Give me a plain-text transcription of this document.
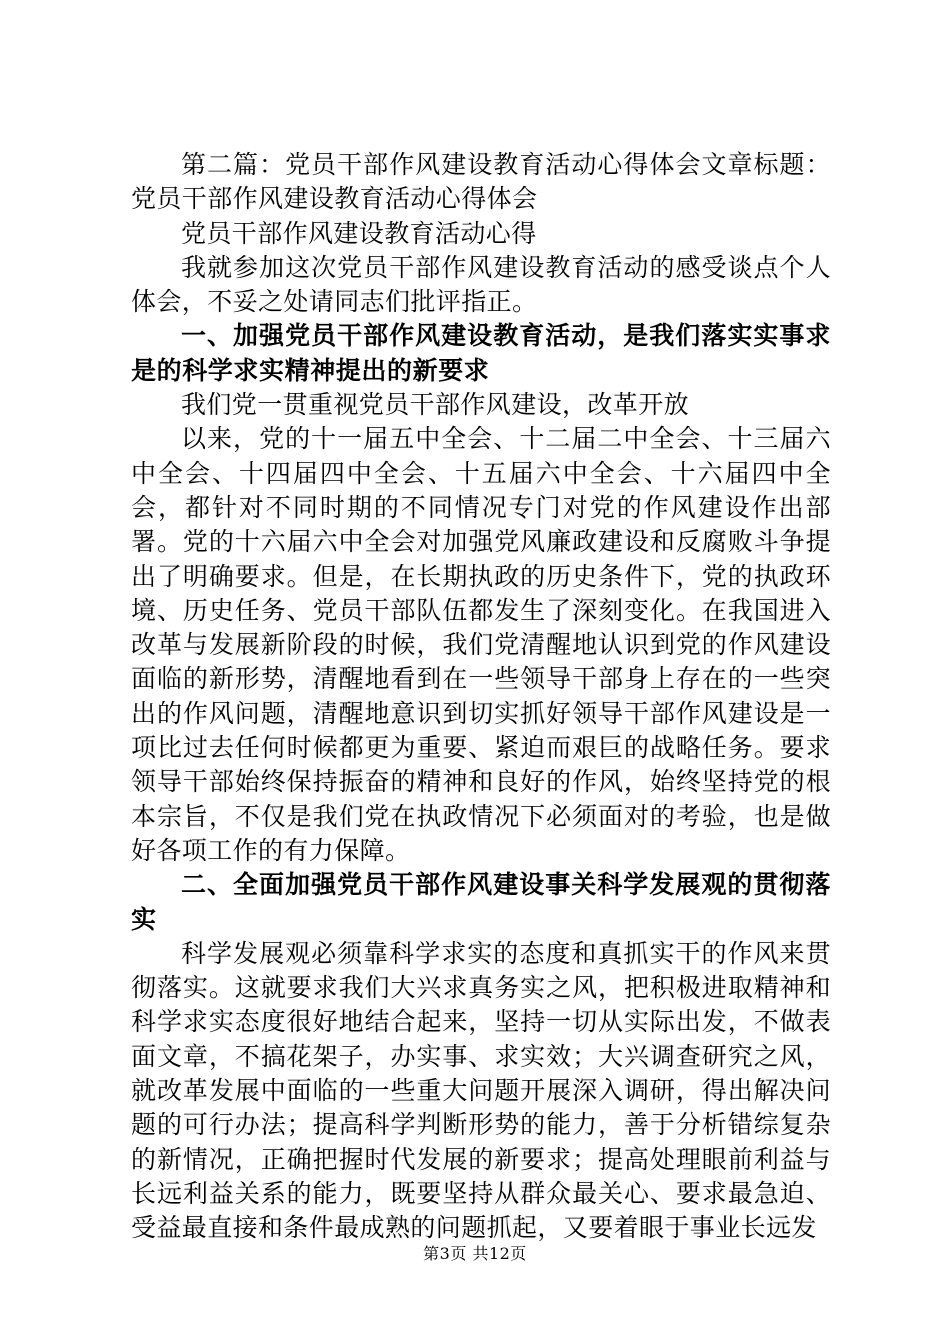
第二篇：党员干部作风建设教育活动心得体会文章标题：党员干部作风建设教育活动心得体会

党员干部作风建设教育活动心得

我就参加这次党员干部作风建设教育活动的感受谈点个人体会，不妥之处请同志们批评指正。

一、加强党员干部作风建设教育活动，是我们落实实事求是的科学求实精神提出的新要求

我们党一贯重视党员干部作风建设，改革开放

以来，党的十一届五中全会、十二届二中全会、十三届六中全会、十四届四中全会、十五届六中全会、十六届四中全会，都针对不同时期的不同情况专门对党的作风建设作出部署。党的十六届六中全会对加强党风廉政建设和反腐败斗争提出了明确要求。但是，在长期执政的历史条件下，党的执政环境、历史任务、党员干部队伍都发生了深刻变化。在我国进入改革与发展新阶段的时候，我们党清醒地认识到党的作风建设面临的新形势，清醒地看到在一些领导干部身上存在的一些突出的作风问题，清醒地意识到切实抓好领导干部作风建设是一项比过去任何时候都更为重要、紧迫而艰巨的战略任务。要求领导干部始终保持振奋的精神和良好的作风，始终坚持党的根本宗旨，不仅是我们党在执政情况下必须面对的考验，也是做好各项工作的有力保障。

二、全面加强党员干部作风建设事关科学发展观的贯彻落实

科学发展观必须靠科学求实的态度和真抓实干的作风来贯彻落实。这就要求我们大兴求真务实之风，把积极进取精神和科学求实态度很好地结合起来，坚持一切从实际出发，不做表面文章，不搞花架子，办实事、求实效；大兴调查研究之风，就改革发展中面临的一些重大问题开展深入调研，得出解决问题的可行办法；提高科学判断形势的能力，善于分析错综复杂的新情况，正确把握时代发展的新要求；提高处理眼前利益与长远利益关系的能力，既要坚持从群众最关心、要求最急迫、受益最直接和条件最成熟的问题抓起，又要着眼于事业长远发

第3页 共12页
